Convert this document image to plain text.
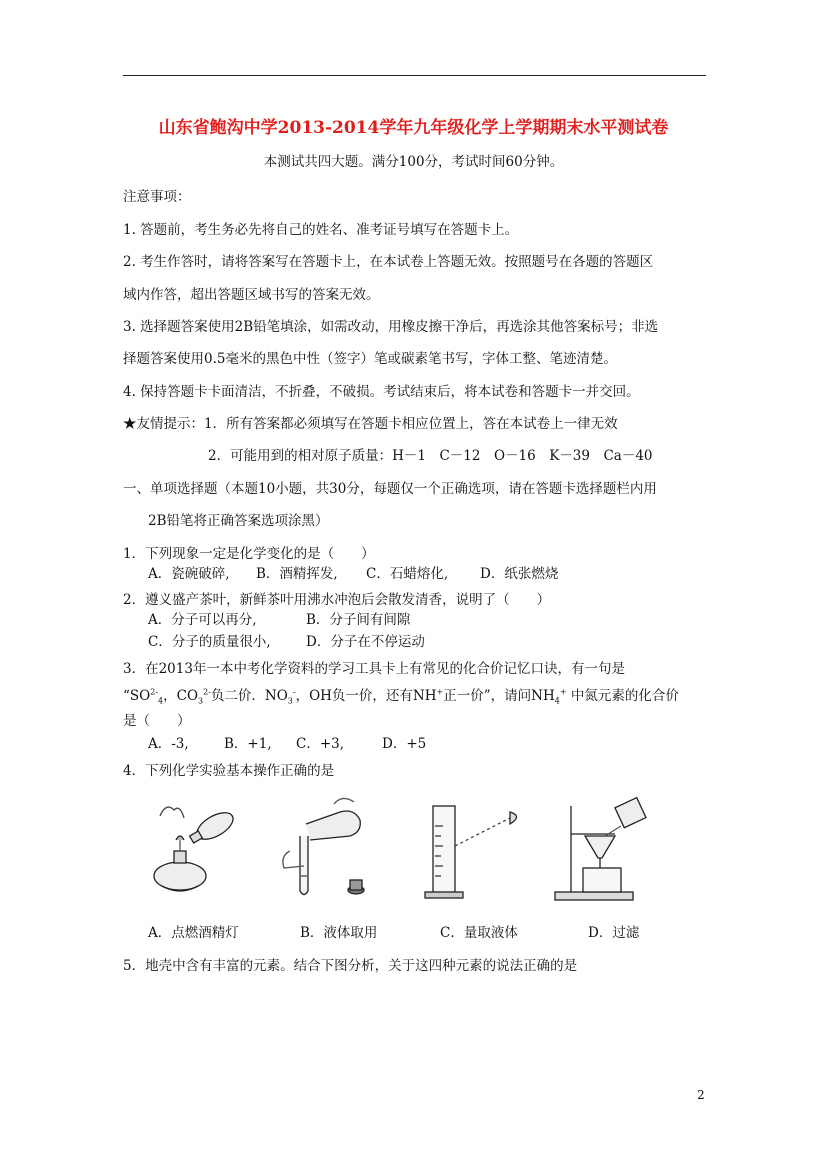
山东省鲍沟中学2013-2014学年九年级化学上学期期末水平测试卷
本测试共四大题。满分100分，考试时间60分钟。
注意事项：
1. 答题前，考生务必先将自己的姓名、准考证号填写在答题卡上。
2. 考生作答时，请将答案写在答题卡上，在本试卷上答题无效。按照题号在各题的答题区
域内作答，超出答题区域书写的答案无效。
3. 选择题答案使用2B铅笔填涂，如需改动，用橡皮擦干净后，再选涂其他答案标号；非选
择题答案使用0.5毫米的黑色中性（签字）笔或碳素笔书写，字体工整、笔迹清楚。
4. 保持答题卡卡面清洁，不折叠，不破损。考试结束后，将本试卷和答题卡一并交回。
★友情提示：1．所有答案都必须填写在答题卡相应位置上，答在本试卷上一律无效
2．可能用到的相对原子质量：H－1　C－12　O－16　K－39　Ca－40
一、单项选择题（本题10小题，共30分，每题仅一个正确选项，请在答题卡选择题栏内用
2B铅笔将正确答案选项涂黑）
1．下列现象一定是化学变化的是（　　）
A．瓷碗破碎, B．酒精挥发, C．石蜡熔化, D．纸张燃烧
2．遵义盛产茶叶，新鲜茶叶用沸水冲泡后会散发清香，说明了（　　）
A．分子可以再分,	B．分子间有间隙
C．分子的质量很小,	D．分子在不停运动
3．在2013年一本中考化学资料的学习工具卡上有常见的化合价记忆口诀，有一句是
“$SO^{2-}_4$，$CO_3^{2-}$负二价．$NO_3^-$，OH负一价，还有NH+正一价”，请问$NH_4^+$ 中氮元素的化合价
是（　　）
A．-3,	B．+1, C．+3,	D．+5
4．下列化学实验基本操作正确的是
A．点燃酒精灯	B．液体取用	C．量取液体	D．过滤
5．地壳中含有丰富的元素。结合下图分析，关于这四种元素的说法正确的是
2
